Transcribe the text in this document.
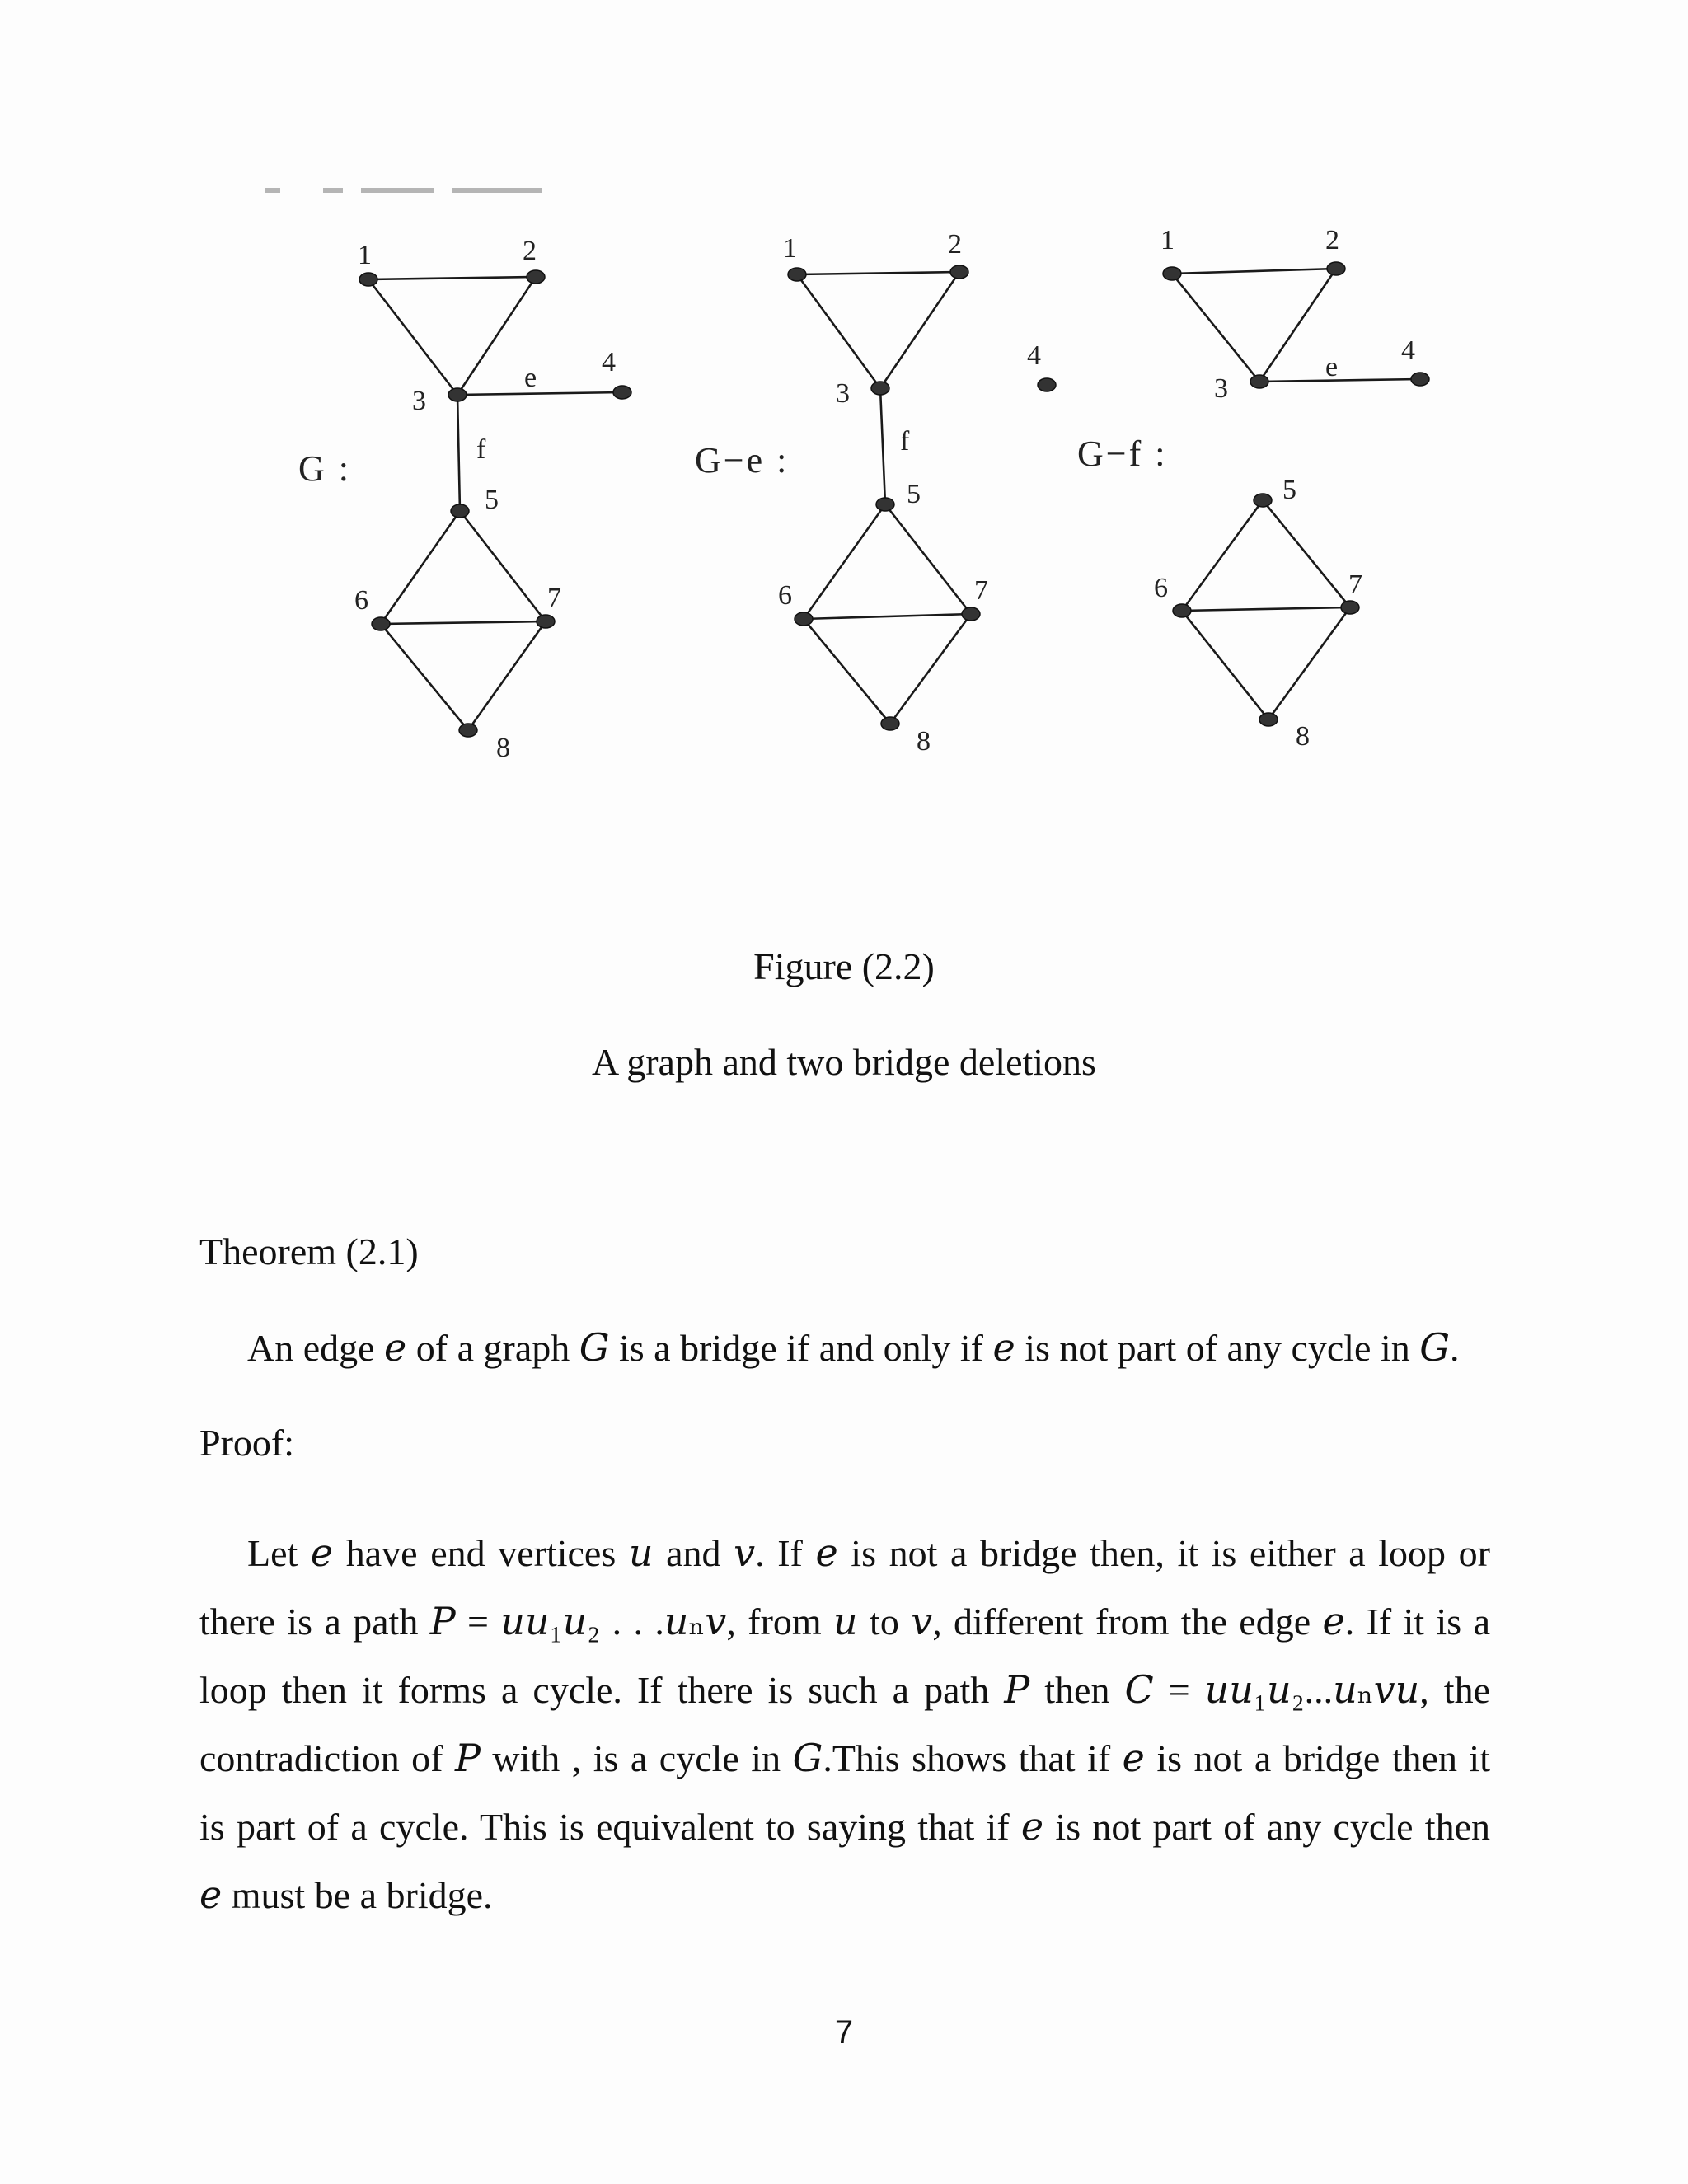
1	2
3
4
5
6	7
8
e
f
G :
1	2
3
4
5
6	7
8
f
G−e :
1	2
3
4
5
6	7
8
e
G−f :
Figure (2.2)
A graph and two bridge deletions
Theorem (2.1)
An edge 𝑒 of a graph 𝐺 is a bridge if and only if 𝑒 is not part of any cycle in 𝐺.
Proof:
Let 𝑒 have end vertices 𝑢 and 𝑣. If 𝑒 is not a bridge then, it is either a loop or
there is a path 𝑃 = 𝑢𝑢₁𝑢₂ . . .𝑢ₙ𝑣, from 𝑢 to 𝑣, different from the edge 𝑒. If it is a
loop then it forms a cycle. If there is such a path 𝑃 then 𝐶 = 𝑢𝑢₁𝑢₂...𝑢ₙ𝑣𝑢, the
contradiction of 𝑃 with , is a cycle in 𝐺.This shows that if 𝑒 is not a bridge then it
is part of a cycle. This is equivalent to saying that if 𝑒 is not part of any cycle then
𝑒 must be a bridge.
7
